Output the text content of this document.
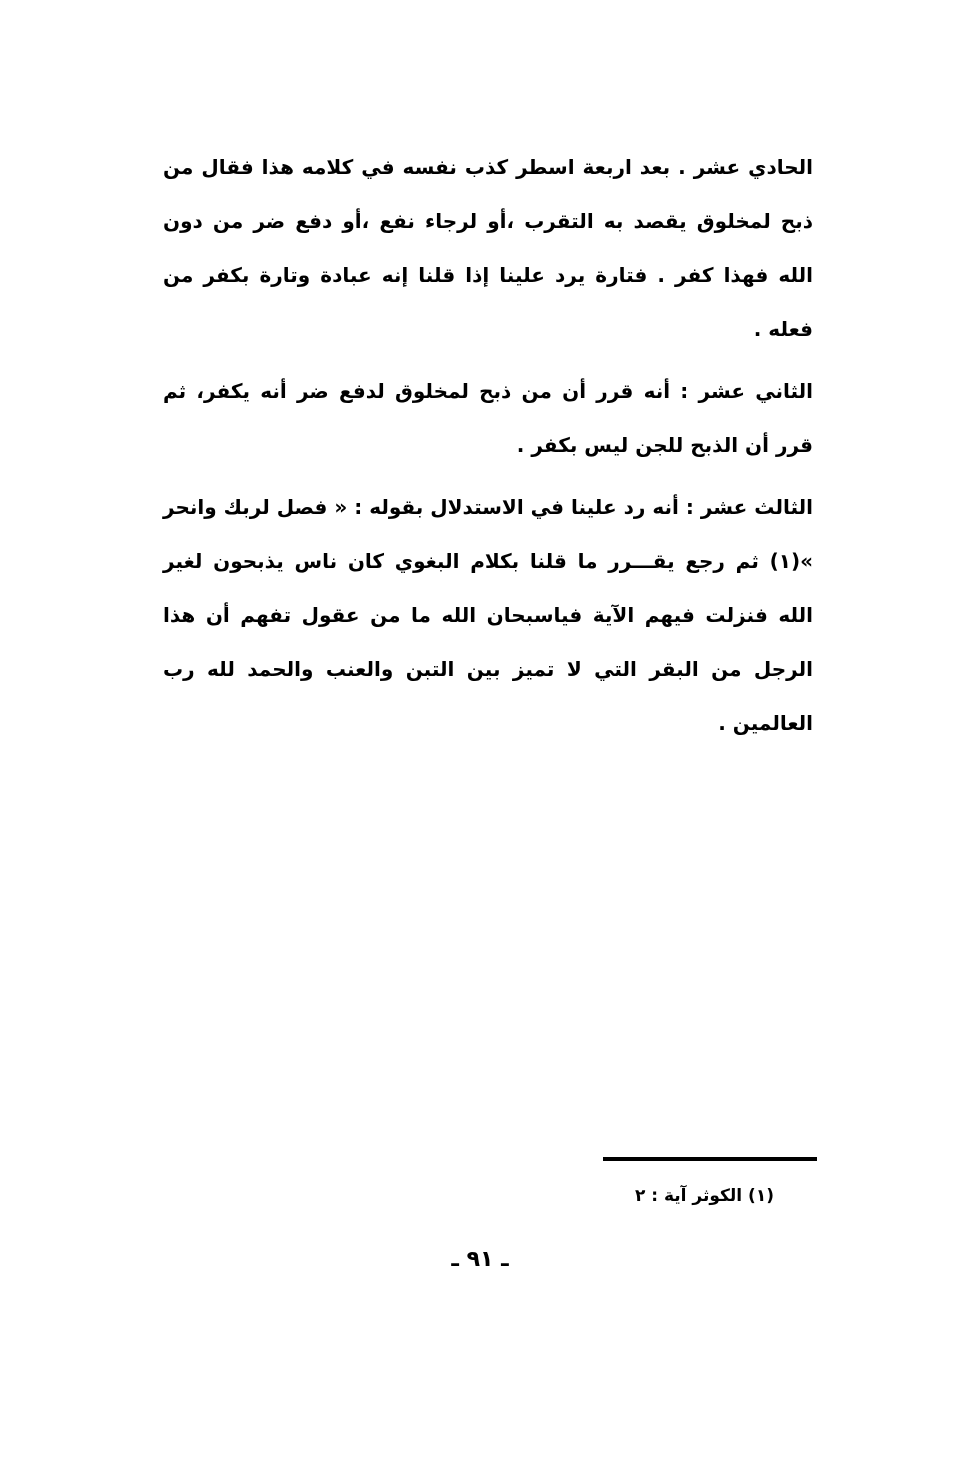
الحادي عشر . بعد اربعة اسطر كذب نفسه في كلامه هذا فقال من ذبح لمخلوق يقصد به التقرب ،أو لرجاء نفع ،أو دفع ضر من دون الله فهذا كفر . فتارة يرد علينا إذا قلنا إنه عبادة وتارة بكفر من فعله .

الثاني عشر : أنه قرر أن من ذبح لمخلوق لدفع ضر أنه يكفر، ثم قرر أن الذبح للجن ليس بكفر .

الثالث عشر : أنه رد علينا في الاستدلال بقوله : « فصل لربك وانحر »(١) ثم رجع يقـــرر ما قلنا بكلام البغوي كان ناس يذبحون لغير الله فنزلت فيهم الآية فياسبحان الله ما من عقول تفهم أن هذا الرجل من البقر التي لا تميز بين التبن والعنب والحمد لله رب العالمين .

(١) الكوثر آية : ٢
ـ ٩١ ـ
